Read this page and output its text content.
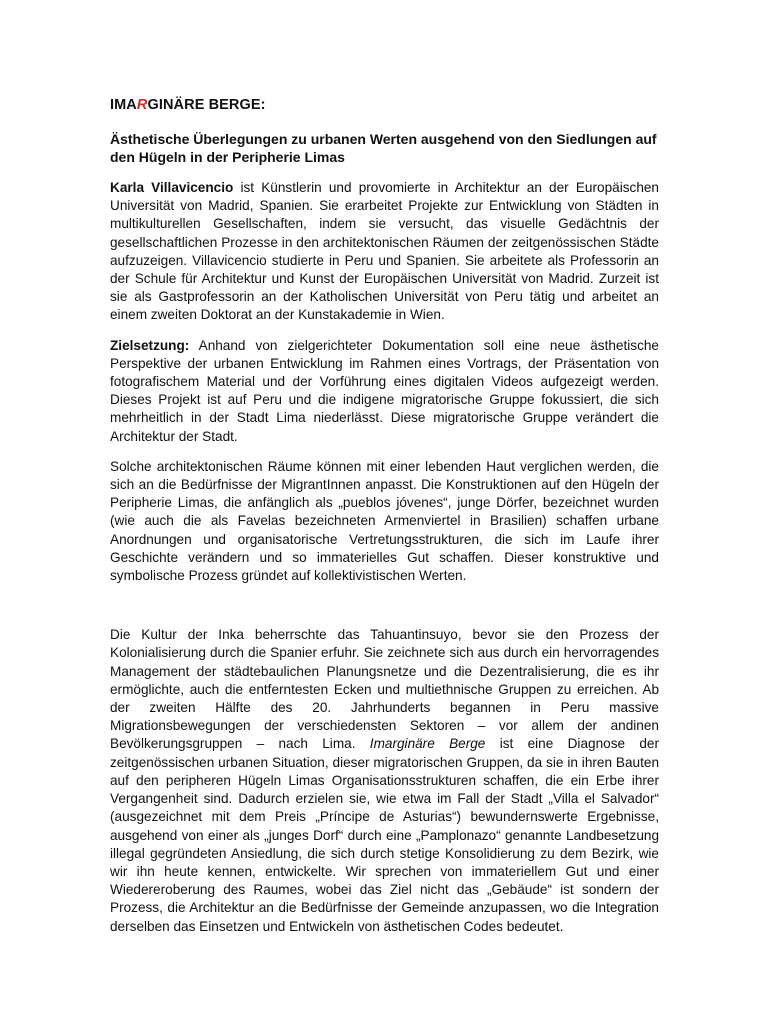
IMARGINÄRE BERGE:
Ästhetische Überlegungen zu urbanen Werten ausgehend von den Siedlungen auf den Hügeln in der Peripherie Limas

Karla Villavicencio ist Künstlerin und provomierte in Architektur an der Europäischen Universität von Madrid, Spanien. Sie erarbeitet Projekte zur Entwicklung von Städten in multikulturellen Gesellschaften, indem sie versucht, das visuelle Gedächtnis der gesellschaftlichen Prozesse in den architektonischen Räumen der zeitgenössischen Städte aufzuzeigen. Villavicencio studierte in Peru und Spanien. Sie arbeitete als Professorin an der Schule für Architektur und Kunst der Europäischen Universität von Madrid. Zurzeit ist sie als Gastprofessorin an der Katholischen Universität von Peru tätig und arbeitet an einem zweiten Doktorat an der Kunstakademie in Wien.

Zielsetzung: Anhand von zielgerichteter Dokumentation soll eine neue ästhetische Perspektive der urbanen Entwicklung im Rahmen eines Vortrags, der Präsentation von fotografischem Material und der Vorführung eines digitalen Videos aufgezeigt werden. Dieses Projekt ist auf Peru und die indigene migratorische Gruppe fokussiert, die sich mehrheitlich in der Stadt Lima niederlässt. Diese migratorische Gruppe verändert die Architektur der Stadt.

Solche architektonischen Räume können mit einer lebenden Haut verglichen werden, die sich an die Bedürfnisse der MigrantInnen anpasst. Die Konstruktionen auf den Hügeln der Peripherie Limas, die anfänglich als „pueblos jóvenes“, junge Dörfer, bezeichnet wurden (wie auch die als Favelas bezeichneten Armenviertel in Brasilien) schaffen urbane Anordnungen und organisatorische Vertretungsstrukturen, die sich im Laufe ihrer Geschichte verändern und so immaterielles Gut schaffen. Dieser konstruktive und symbolische Prozess gründet auf kollektivistischen Werten.

Die Kultur der Inka beherrschte das Tahuantinsuyo, bevor sie den Prozess der Kolonialisierung durch die Spanier erfuhr. Sie zeichnete sich aus durch ein hervorragendes Management der städtebaulichen Planungsnetze und die Dezentralisierung, die es ihr ermöglichte, auch die entferntesten Ecken und multiethnische Gruppen zu erreichen. Ab der zweiten Hälfte des 20. Jahrhunderts begannen in Peru massive Migrationsbewegungen der verschiedensten Sektoren – vor allem der andinen Bevölkerungsgruppen – nach Lima. Imarginäre Berge ist eine Diagnose der zeitgenössischen urbanen Situation, dieser migratorischen Gruppen, da sie in ihren Bauten auf den peripheren Hügeln Limas Organisationsstrukturen schaffen, die ein Erbe ihrer Vergangenheit sind. Dadurch erzielen sie, wie etwa im Fall der Stadt „Villa el Salvador“ (ausgezeichnet mit dem Preis „Príncipe de Asturias“) bewundernswerte Ergebnisse, ausgehend von einer als „junges Dorf“ durch eine „Pamplonazo“ genannte Landbesetzung illegal gegründeten Ansiedlung, die sich durch stetige Konsolidierung zu dem Bezirk, wie wir ihn heute kennen, entwickelte. Wir sprechen von immateriellem Gut und einer Wiedereroberung des Raumes, wobei das Ziel nicht das „Gebäude“ ist sondern der Prozess, die Architektur an die Bedürfnisse der Gemeinde anzupassen, wo die Integration derselben das Einsetzen und Entwickeln von ästhetischen Codes bedeutet.
